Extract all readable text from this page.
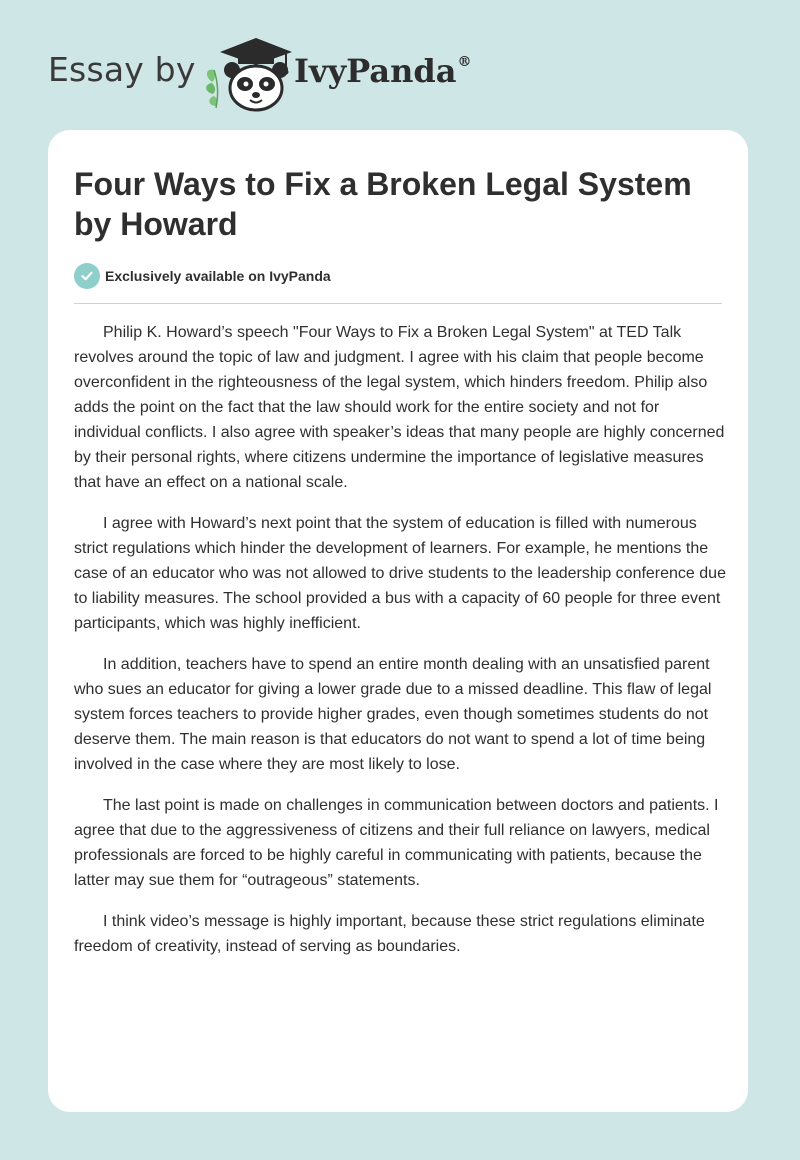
Essay by	IvyPanda®
Four Ways to Fix a Broken Legal System by Howard
Exclusively available on IvyPanda

Philip K. Howard’s speech "Four Ways to Fix a Broken Legal System" at TED Talk revolves around the topic of law and judgment. I agree with his claim that people become overconfident in the righteousness of the legal system, which hinders freedom. Philip also adds the point on the fact that the law should work for the entire society and not for individual conflicts. I also agree with speaker’s ideas that many people are highly concerned by their personal rights, where citizens undermine the importance of legislative measures that have an effect on a national scale.

I agree with Howard’s next point that the system of education is filled with numerous strict regulations which hinder the development of learners. For example, he mentions the case of an educator who was not allowed to drive students to the leadership conference due to liability measures. The school provided a bus with a capacity of 60 people for three event participants, which was highly inefficient.

In addition, teachers have to spend an entire month dealing with an unsatisfied parent who sues an educator for giving a lower grade due to a missed deadline. This flaw of legal system forces teachers to provide higher grades, even though sometimes students do not deserve them. The main reason is that educators do not want to spend a lot of time being involved in the case where they are most likely to lose.

The last point is made on challenges in communication between doctors and patients. I agree that due to the aggressiveness of citizens and their full reliance on lawyers, medical professionals are forced to be highly careful in communicating with patients, because the latter may sue them for “outrageous” statements.

I think video’s message is highly important, because these strict regulations eliminate freedom of creativity, instead of serving as boundaries.
